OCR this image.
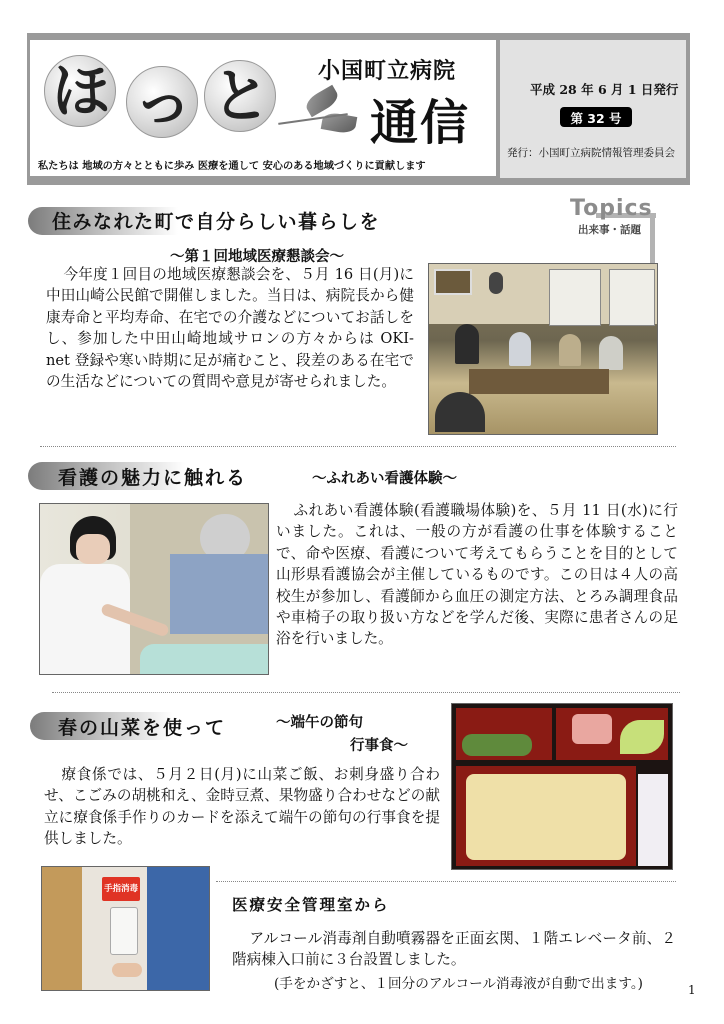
ほ っ と 小国町立病院
通信
平成 28 年 6 月 1 日発行
第 32 号
発行：小国町立病院情報管理委員会
私たちは 地域の方々とともに歩み 医療を通して 安心のある地域づくりに貢献します
Topics
出来事・話題
住みなれた町で自分らしい暮らしを
～第１回地域医療懇談会～

今年度１回目の地域医療懇談会を、５月 16 日(月)に中田山崎公民館で開催しました。当日は、病院長から健康寿命と平均寿命、在宅での介護などについてお話しをし、参加した中田山崎地域サロンの方々からは OKI-net 登録や寒い時期に足が痛むこと、段差のある在宅での生活などについての質問や意見が寄せられました。

看護の魅力に触れる	～ふれあい看護体験～

ふれあい看護体験(看護職場体験)を、５月 11 日(水)に行いました。これは、一般の方が看護の仕事を体験することで、命や医療、看護について考えてもらうことを目的として山形県看護協会が主催しているものです。この日は４人の高校生が参加し、看護師から血圧の測定方法、とろみ調理食品や車椅子の取り扱い方などを学んだ後、実際に患者さんの足浴を行いました。

春の山菜を使って	～端午の節句
行事食～

療食係では、５月２日(月)に山菜ご飯、お刺身盛り合わせ、こごみの胡桃和え、金時豆煮、果物盛り合わせなどの献立に療食係手作りのカードを添えて端午の節句の行事食を提供しました。

手指消毒
医療安全管理室から

アルコール消毒剤自動噴霧器を正面玄関、１階エレベータ前、２階病棟入口前に３台設置しました。

(手をかざすと、１回分のアルコール消毒液が自動で出ます。)	1
